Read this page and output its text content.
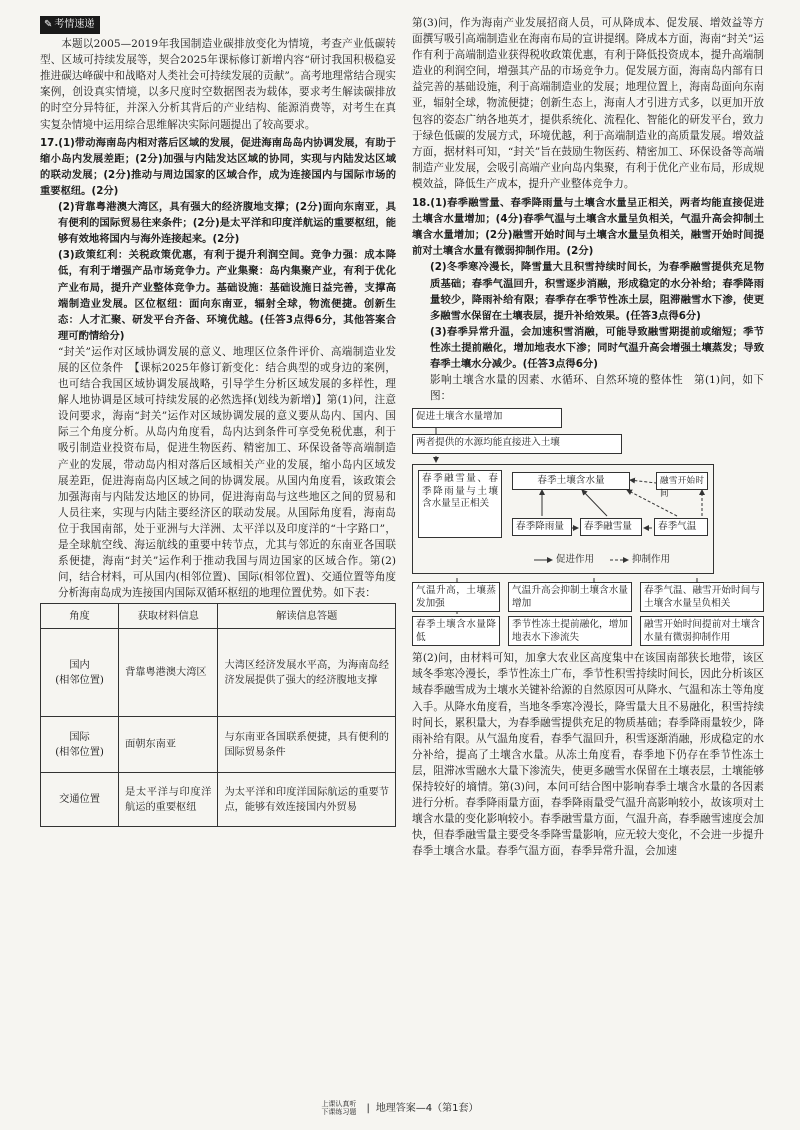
✎ 考情速递

本题以2005—2019年我国制造业碳排放变化为情境，考查产业低碳转型、区域可持续发展等，契合2025年课标修订新增内容“研讨我国积极稳妥推进碳达峰碳中和战略对人类社会可持续发展的贡献”。高考地理常结合现实案例，创设真实情境，以多尺度时空数据图表为载体，要求考生解读碳排放的时空分异特征，并深入分析其背后的产业结构、能源消费等，对考生在真实复杂情境中运用综合思维解决实际问题提出了较高要求。

17.(1)带动海南岛内相对落后区域的发展，促进海南岛岛内协调发展，有助于缩小岛内发展差距；(2分)加强与内陆发达区域的协同，实现与内陆发达区域的联动发展；(2分)推动与周边国家的区域合作，成为连接国内与国际市场的重要枢纽。(2分)

(2)背靠粤港澳大湾区，具有强大的经济腹地支撑；(2分)面向东南亚，具有便利的国际贸易往来条件；(2分)是太平洋和印度洋航运的重要枢纽，能够有效地将国内与海外连接起来。(2分)

(3)政策红利：关税政策优惠，有利于提升利润空间。竞争力强：成本降低，有利于增强产品市场竞争力。产业集聚：岛内集聚产业，有利于优化产业布局，提升产业整体竞争力。基础设施：基础设施日益完善，支撑高端制造业发展。区位枢纽：面向东南亚，辐射全球，物流便捷。创新生态：人才汇聚、研发平台齐备、环境优越。(任答3点得6分，其他答案合理可酌情给分)

“封关”运作对区域协调发展的意义、地理区位条件评价、高端制造业发展的区位条件　【课标2025年修订新变化：结合典型的或身边的案例，也可结合我国区域协调发展战略，引导学生分析区域发展的多样性，理解人地协调是区域可持续发展的必然选择(划线为新增)】第(1)问，注意设问要求，海南“封关”运作对区域协调发展的意义要从岛内、国内、国际三个角度分析。从岛内角度看，岛内达到条件可享受免税优惠，利于吸引制造业投资布局，促进生物医药、精密加工、环保设备等高端制造产业的发展，带动岛内相对落后区域相关产业的发展，缩小岛内区域发展差距，促进海南岛内区域之间的协调发展。从国内角度看，该政策会加强海南与内陆发达地区的协同，促进海南岛与这些地区之间的贸易和人员往来，实现与内陆主要经济区的联动发展。从国际角度看，海南岛位于我国南部，处于亚洲与大洋洲、太平洋以及印度洋的“十字路口”，是全球航空线、海运航线的重要中转节点，尤其与邻近的东南亚各国联系便捷，海南“封关”运作利于推动我国与周边国家的区域合作。第(2)问，结合材料，可从国内(相邻位置)、国际(相邻位置)、交通位置等角度分析海南岛成为连接国内国际双循环枢纽的地理位置优势。如下表：

角度	获取材料信息	解读信息答题
国内
(相邻位置)	背靠粤港澳大湾区	大湾区经济发展水平高，为海南岛经济发展提供了强大的经济腹地支撑
国际
(相邻位置)	面朝东南亚	与东南亚各国联系便捷，具有便利的国际贸易条件
交通位置	是太平洋与印度洋航运的重要枢纽	为太平洋和印度洋国际航运的重要节点，能够有效连接国内外贸易

第(3)问，作为海南产业发展招商人员，可从降成本、促发展、增效益等方面撰写吸引高端制造业在海南布局的宣讲提纲。降成本方面，海南“封关”运作有利于高端制造业获得税收政策优惠，有利于降低投资成本，提升高端制造业的利润空间，增强其产品的市场竞争力。促发展方面，海南岛内部有日益完善的基础设施，利于高端制造业的发展；地理位置上，海南岛面向东南亚，辐射全球，物流便捷；创新生态上，海南人才引进方式多，以更加开放包容的姿态广纳各地英才，提供系统化、流程化、智能化的研发平台，致力于绿色低碳的发展方式，环境优越，利于高端制造业的高质量发展。增效益方面，据材料可知，“封关”旨在鼓励生物医药、精密加工、环保设备等高端制造产业发展，会吸引高端产业向岛内集聚，有利于优化产业布局，形成规模效益，降低生产成本，提升产业整体竞争力。

18.(1)春季融雪量、春季降雨量与土壤含水量呈正相关，两者均能直接促进土壤含水量增加；(4分)春季气温与土壤含水量呈负相关，气温升高会抑制土壤含水量增加；(2分)融雪开始时间与土壤含水量呈负相关，融雪开始时间提前对土壤含水量有微弱抑制作用。(2分)

(2)冬季寒冷漫长，降雪量大且积雪持续时间长，为春季融雪提供充足物质基础；春季气温回升，积雪逐步消融，形成稳定的水分补给；春季降雨量较少，降雨补给有限；春季存在季节性冻土层，阻滞融雪水下渗，使更多融雪水保留在土壤表层，提升补给效果。(任答3点得6分)

(3)春季异常升温，会加速积雪消融，可能导致融雪期提前或缩短；季节性冻土提前融化，增加地表水下渗；同时气温升高会增强土壤蒸发；导致春季土壤水分减少。(任答3点得6分)

影响土壤含水量的因素、水循环、自然环境的整体性　第(1)问，如下图：

促进土壤含水量增加
两者提供的水源均能直接进入土壤
春季融雪量、春季降雨量与土壤含水量呈正相关
春季土壤含水量	融雪开始时间
春季降雨量	春季融雪量	春季气温
促进作用	抑制作用
气温升高，土壤蒸发加强
气温升高会抑制土壤含水量增加
春季气温、融雪开始时间与土壤含水量呈负相关
春季土壤含水量降低
季节性冻土提前融化，增加地表水下渗流失
融雪开始时间提前对土壤含水量有微弱抑制作用

第(2)问，由材料可知，加拿大农业区高度集中在该国南部狭长地带，该区域冬季寒冷漫长，季节性冻土广布，季节性积雪持续时间长，因此分析该区域春季融雪成为土壤水关键补给源的自然原因可从降水、气温和冻土等角度入手。从降水角度看，当地冬季寒冷漫长，降雪量大且不易融化，积雪持续时间长，累积量大，为春季融雪提供充足的物质基础；春季降雨量较少，降雨补给有限。从气温角度看，春季气温回升，积雪逐渐消融，形成稳定的水分补给，提高了土壤含水量。从冻土角度看，春季地下仍存在季节性冻土层，阻滞冰雪融水大量下渗流失，使更多融雪水保留在土壤表层，土壤能够保持较好的墒情。第(3)问，本问可结合图中影响春季土壤含水量的各因素进行分析。春季降雨量方面，春季降雨量受气温升高影响较小，故该项对土壤含水量的变化影响较小。春季融雪量方面，气温升高，春季融雪速度会加快，但春季融雪量主要受冬季降雪量影响，应无较大变化，不会进一步提升春季土壤含水量。春季气温方面，春季异常升温，会加速

上课认真听
下课练习题 | 地理答案—4（第1套）
